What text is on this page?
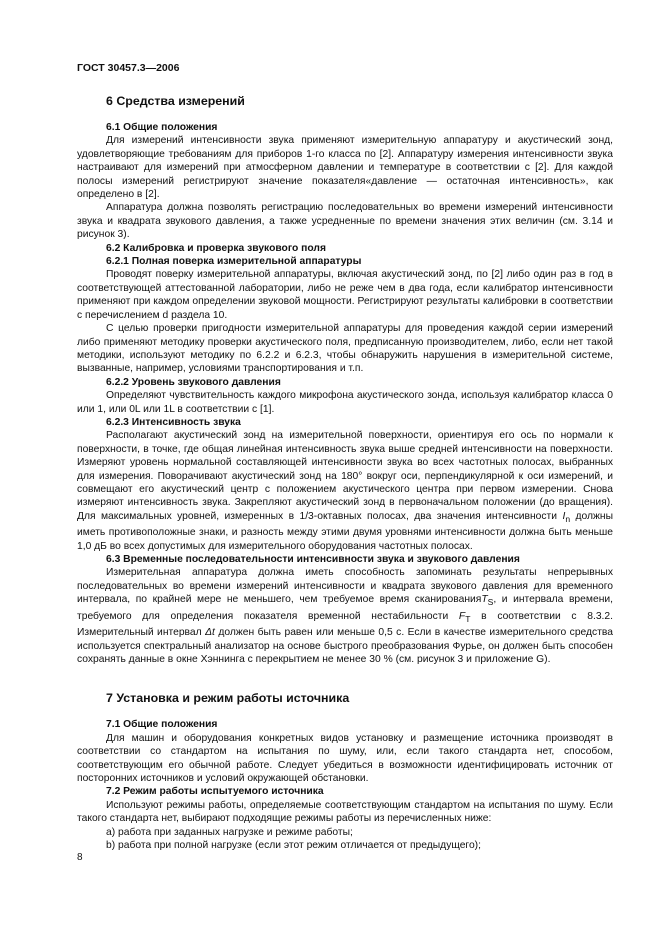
ГОСТ 30457.3—2006
6 Средства измерений
6.1 Общие положения

Для измерений интенсивности звука применяют измерительную аппаратуру и акустический зонд, удовлетворяющие требованиям для приборов 1-го класса по [2]. Аппаратуру измерения интенсивности звука настраивают для измерений при атмосферном давлении и температуре в соответствии с [2]. Для каждой полосы измерений регистрируют значение показателя«давление — остаточная интенсивность», как определено в [2].

Аппаратура должна позволять регистрацию последовательных во времени измерений интенсивности звука и квадрата звукового давления, а также усредненные по времени значения этих величин (см. 3.14 и рисунок 3).

6.2 Калибровка и проверка звукового поля
6.2.1 Полная поверка измерительной аппаратуры

Проводят поверку измерительной аппаратуры, включая акустический зонд, по [2] либо один раз в год в соответствующей аттестованной лаборатории, либо не реже чем в два года, если калибратор интенсивности применяют при каждом определении звуковой мощности. Регистрируют результаты калибровки в соответствии с перечислением d раздела 10.

С целью проверки пригодности измерительной аппаратуры для проведения каждой серии измерений либо применяют методику проверки акустического поля, предписанную производителем, либо, если нет такой методики, используют методику по 6.2.2 и 6.2.3, чтобы обнаружить нарушения в измерительной системе, вызванные, например, условиями транспортирования и т.п.

6.2.2 Уровень звукового давления

Определяют чувствительность каждого микрофона акустического зонда, используя калибратор класса 0 или 1, или 0L или 1L в соответствии с [1].

6.2.3 Интенсивность звука

Располагают акустический зонд на измерительной поверхности, ориентируя его ось по нормали к поверхности, в точке, где общая линейная интенсивность звука выше средней интенсивности на поверхности. Измеряют уровень нормальной составляющей интенсивности звука во всех частотных полосах, выбранных для измерения. Поворачивают акустический зонд на 180° вокруг оси, перпендикулярной к оси измерений, и совмещают его акустический центр с положением акустического центра при первом измерении. Снова измеряют интенсивность звука. Закрепляют акустический зонд в первоначальном положении (до вращения). Для максимальных уровней, измеренных в 1/3-октавных полосах, два значения интенсивности $I_n$ должны иметь противоположные знаки, и разность между этими двумя уровнями интенсивности должна быть меньше 1,0 дБ во всех допустимых для измерительного оборудования частотных полосах.

6.3 Временные последовательности интенсивности звука и звукового давления

Измерительная аппаратура должна иметь способность запоминать результаты непрерывных последовательных во времени измерений интенсивности и квадрата звукового давления для временного интервала, по крайней мере не меньшего, чем требуемое время сканированияT$_S$, и интервала времени, требуемого для определения показателя временной нестабильности $F_T$ в соответствии с 8.3.2. Измерительный интервал Δt должен быть равен или меньше 0,5 с. Если в качестве измерительного средства используется спектральный анализатор на основе быстрого преобразования Фурье, он должен быть способен сохранять данные в окне Хэннинга с перекрытием не менее 30 % (см. рисунок 3 и приложение G).

7 Установка и режим работы источника
7.1 Общие положения

Для машин и оборудования конкретных видов установку и размещение источника производят в соответствии со стандартом на испытания по шуму, или, если такого стандарта нет, способом, соответствующим его обычной работе. Следует убедиться в возможности идентифицировать источник от посторонних источников и условий окружающей обстановки.

7.2 Режим работы испытуемого источника

Используют режимы работы, определяемые соответствующим стандартом на испытания по шуму. Если такого стандарта нет, выбирают подходящие режимы работы из перечисленных ниже:

a) работа при заданных нагрузке и режиме работы;
b) работа при полной нагрузке (если этот режим отличается от предыдущего);
8
